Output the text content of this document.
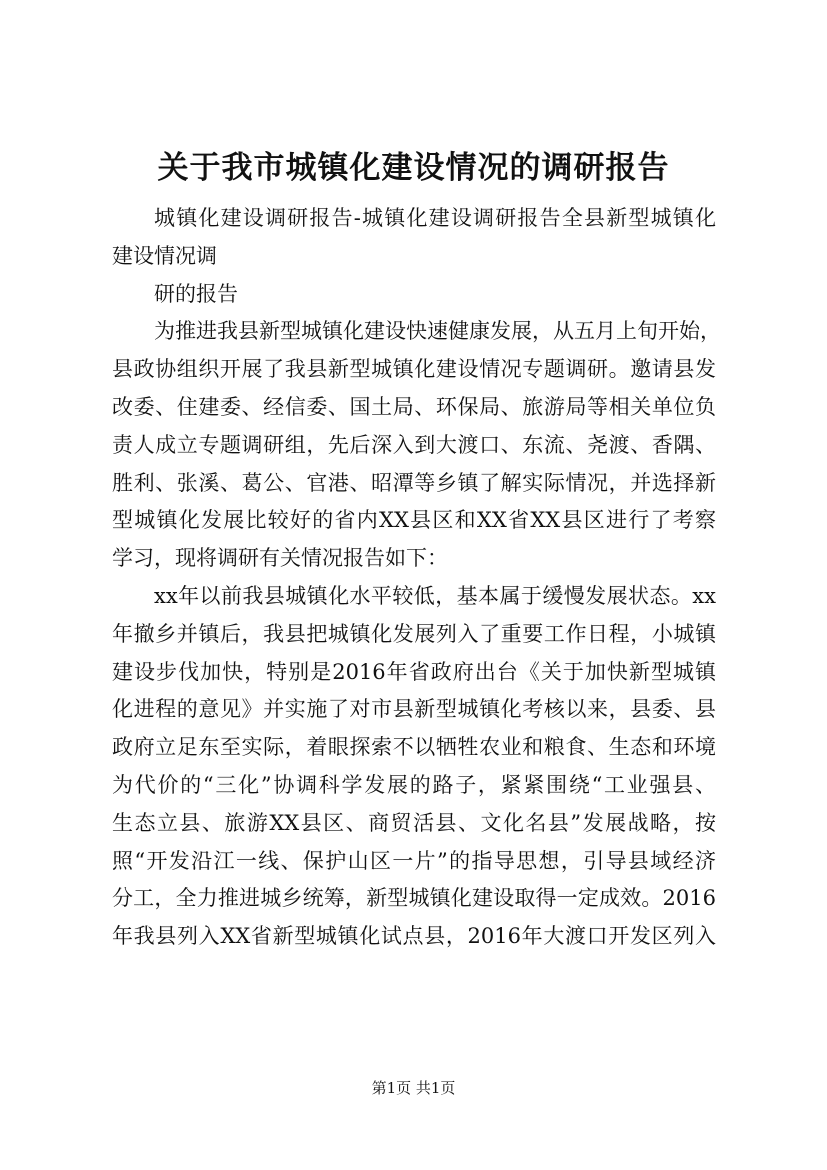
关于我市城镇化建设情况的调研报告
城镇化建设调研报告-城镇化建设调研报告全县新型城镇化
建设情况调
研的报告
为推进我县新型城镇化建设快速健康发展，从五月上旬开始，
县政协组织开展了我县新型城镇化建设情况专题调研。邀请县发
改委、住建委、经信委、国土局、环保局、旅游局等相关单位负
责人成立专题调研组，先后深入到大渡口、东流、尧渡、香隅、
胜利、张溪、葛公、官港、昭潭等乡镇了解实际情况，并选择新
型城镇化发展比较好的省内XX县区和XX省XX县区进行了考察
学习，现将调研有关情况报告如下：
xx年以前我县城镇化水平较低，基本属于缓慢发展状态。xx
年撤乡并镇后，我县把城镇化发展列入了重要工作日程，小城镇
建设步伐加快，特别是2016年省政府出台《关于加快新型城镇
化进程的意见》并实施了对市县新型城镇化考核以来，县委、县
政府立足东至实际，着眼探索不以牺牲农业和粮食、生态和环境
为代价的“三化”协调科学发展的路子，紧紧围绕“工业强县、
生态立县、旅游XX县区、商贸活县、文化名县”发展战略，按
照“开发沿江一线、保护山区一片”的指导思想，引导县域经济
分工，全力推进城乡统筹，新型城镇化建设取得一定成效。2016
年我县列入XX省新型城镇化试点县，2016年大渡口开发区列入
第1页 共1页
